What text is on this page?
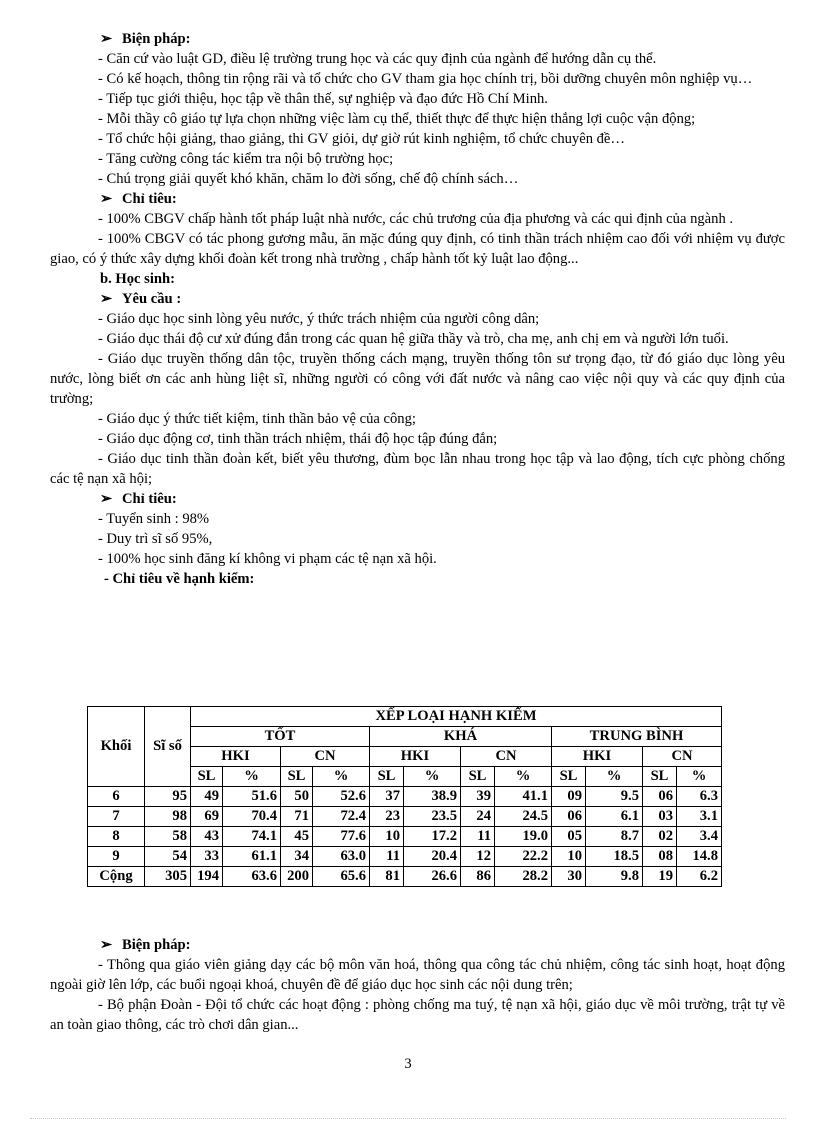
➢ Biện pháp:

- Căn cứ vào luật GD, điều lệ trường trung học và các quy định của ngành để hướng dẫn cụ thể.

- Có kế hoạch, thông tin rộng rãi và tổ chức cho GV tham gia học chính trị, bồi dưỡng chuyên môn nghiệp vụ…

- Tiếp tục giới thiệu, học tập về thân thế, sự nghiệp và đạo đức Hồ Chí Minh.

- Mỗi thầy cô giáo tự lựa chọn những việc làm cụ thể, thiết thực để thực hiện thắng lợi cuộc vận động;

- Tổ chức hội giảng, thao giảng, thi GV giỏi, dự giờ rút kinh nghiệm, tổ chức chuyên đề…

- Tăng cường công tác kiểm tra nội bộ trường học;

- Chú trọng giải quyết khó khăn, chăm lo đời sống, chế độ chính sách…

➢ Chỉ tiêu:

- 100% CBGV chấp hành tốt pháp luật nhà nước, các chủ trương của địa phương và các qui định của ngành .

- 100% CBGV có tác phong gương mẫu, ăn mặc đúng quy định, có tinh thần trách nhiệm cao đối với nhiệm vụ được giao, có ý thức xây dựng khối đoàn kết trong nhà trường , chấp hành tốt kỷ luật lao động...

b. Học sinh:

➢ Yêu cầu :

- Giáo dục học sinh lòng yêu nước, ý thức trách nhiệm của người công dân;

- Giáo dục thái độ cư xử đúng đắn trong các quan hệ giữa thầy và trò, cha mẹ, anh chị em và người lớn tuổi.

- Giáo dục truyền thống dân tộc, truyền thống cách mạng, truyền thống tôn sư trọng đạo, từ đó giáo dục lòng yêu nước, lòng biết ơn các anh hùng liệt sĩ, những người có công với đất nước và nâng cao việc nội quy và các quy định của trường;

- Giáo dục ý thức tiết kiệm, tinh thần bảo vệ của công;

- Giáo dục động cơ, tinh thần trách nhiệm, thái độ học tập đúng đắn;

- Giáo dục tinh thần đoàn kết, biết yêu thương, đùm bọc lẫn nhau trong học tập và lao động, tích cực phòng chống các tệ nạn xã hội;

➢ Chỉ tiêu:

- Tuyển sinh : 98%

- Duy trì sĩ số 95%,

- 100% học sinh đăng kí không vi phạm các tệ nạn xã hội.

- Chỉ tiêu về hạnh kiểm:

Khối	Sĩ số	XẾP LOẠI HẠNH KIỂM											
		TỐT				KHÁ				TRUNG BÌNH			
		HKI		CN		HKI		CN		HKI		CN	
		SL	%	SL	%	SL	%	SL	%	SL	%	SL	%
6	95	49	51.6	50	52.6	37	38.9	39	41.1	09	9.5	06	6.3
7	98	69	70.4	71	72.4	23	23.5	24	24.5	06	6.1	03	3.1
8	58	43	74.1	45	77.6	10	17.2	11	19.0	05	8.7	02	3.4
9	54	33	61.1	34	63.0	11	20.4	12	22.2	10	18.5	08	14.8
Cộng	305	194	63.6	200	65.6	81	26.6	86	28.2	30	9.8	19	6.2

➢ Biện pháp:

- Thông qua giáo viên giảng dạy các bộ môn văn hoá, thông qua công tác chủ nhiệm, công tác sinh hoạt, hoạt động ngoài giờ lên lớp, các buổi ngoại khoá, chuyên đề để giáo dục học sinh các nội dung trên;

- Bộ phận Đoàn - Đội tổ chức các hoạt động : phòng chống ma tuý, tệ nạn xã hội, giáo dục về môi trường, trật tự về an toàn giao thông, các trò chơi dân gian...

3
